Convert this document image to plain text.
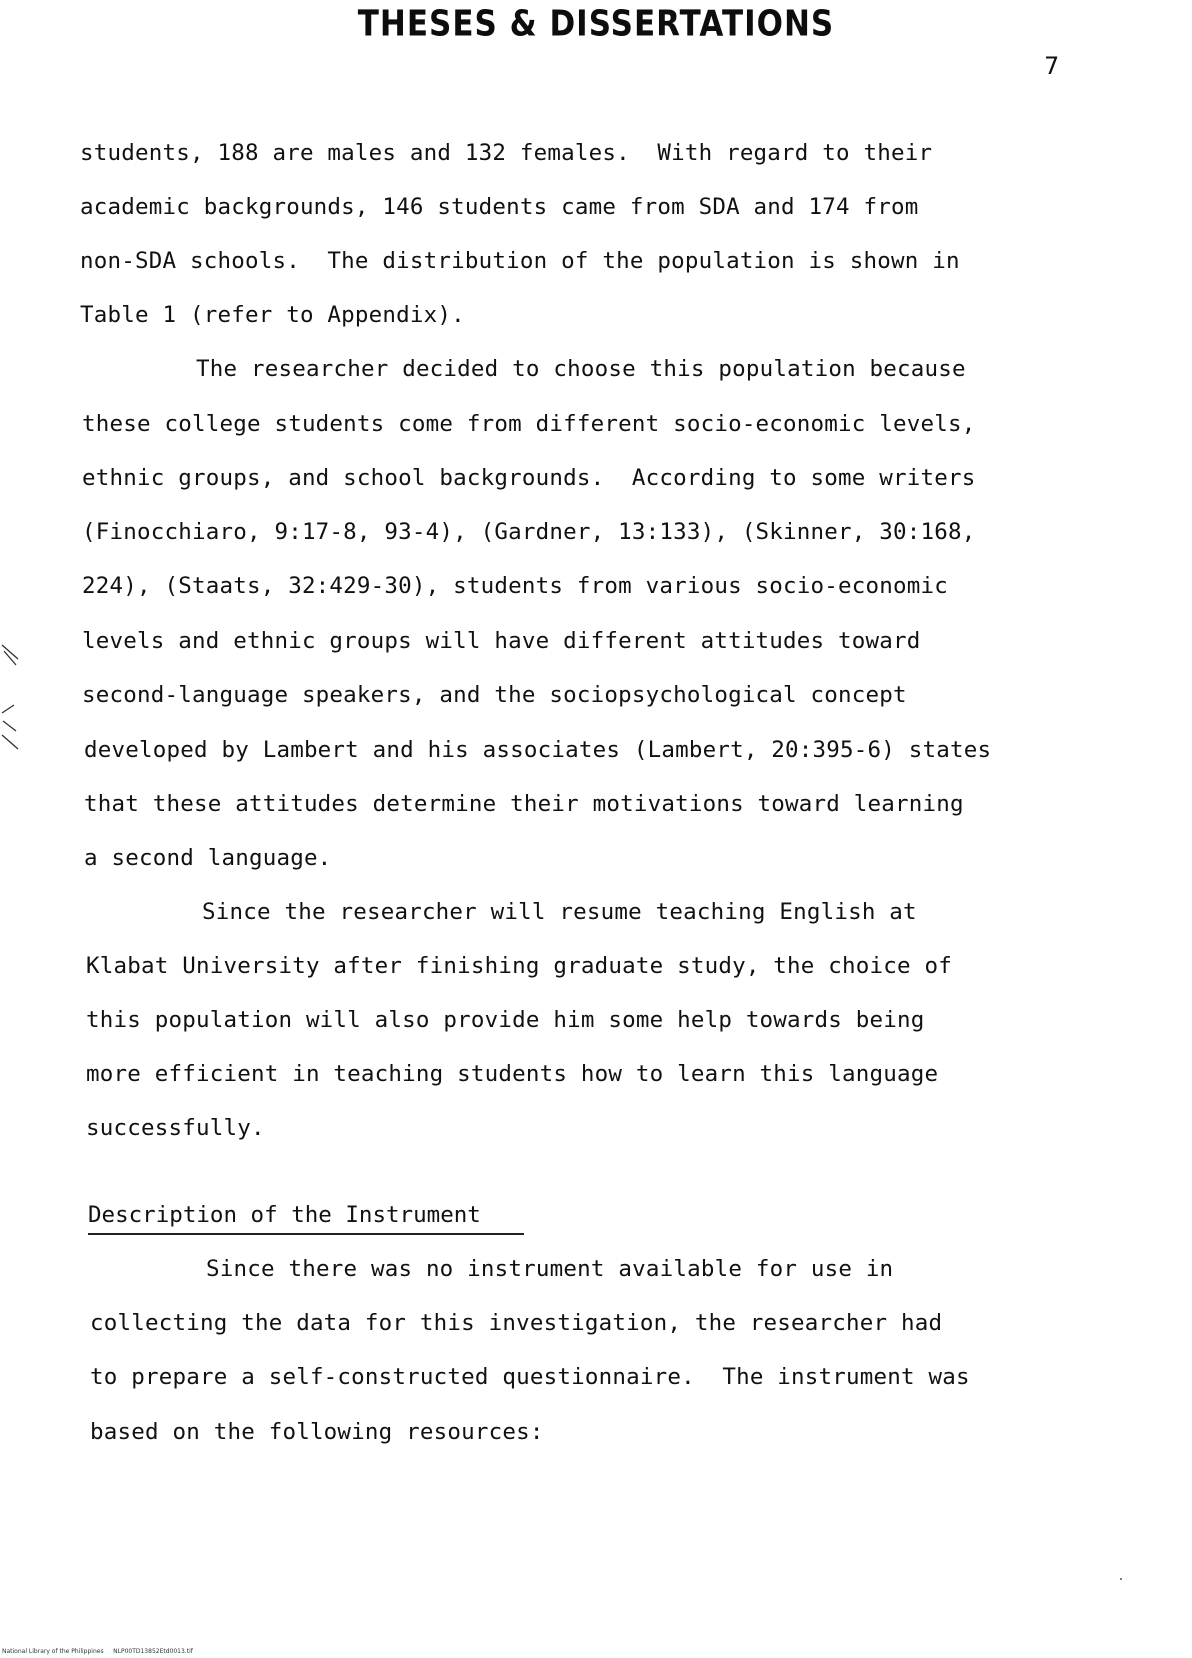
THESES & DISSERTATIONS
7
students, 188 are males and 132 females.  With regard to their
academic backgrounds, 146 students came from SDA and 174 from
non-SDA schools.  The distribution of the population is shown in
Table 1 (refer to Appendix).
The researcher decided to choose this population because
these college students come from different socio-economic levels,
ethnic groups, and school backgrounds.  According to some writers
(Finocchiaro, 9:17-8, 93-4), (Gardner, 13:133), (Skinner, 30:168,
224), (Staats, 32:429-30), students from various socio-economic
levels and ethnic groups will have different attitudes toward
second-language speakers, and the sociopsychological concept
developed by Lambert and his associates (Lambert, 20:395-6) states
that these attitudes determine their motivations toward learning
a second language.
Since the researcher will resume teaching English at
Klabat University after finishing graduate study, the choice of
this population will also provide him some help towards being
more efficient in teaching students how to learn this language
successfully.
Description of the Instrument
Since there was no instrument available for use in
collecting the data for this investigation, the researcher had
to prepare a self-constructed questionnaire.  The instrument was
based on the following resources:
National Library of the Philippines NLP00TD13852Etd0013.tif
